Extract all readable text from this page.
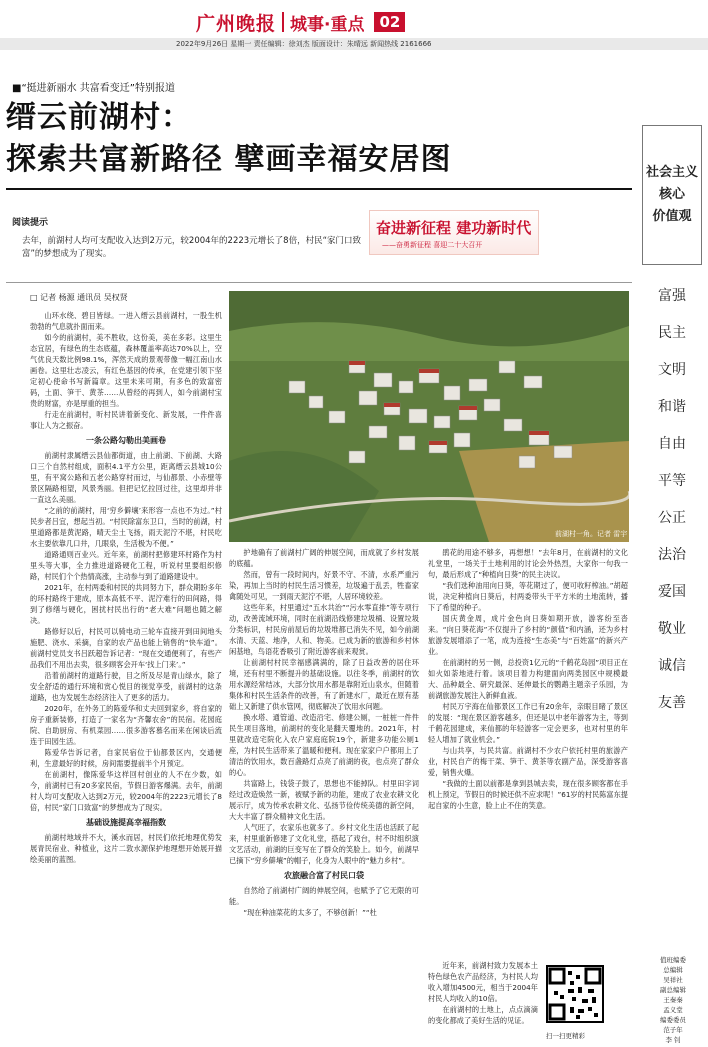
广州晚报 城事·重点	02
2022年9月26日 星期一 责任编辑：徐刘杰 版面设计：朱晴远 新闻热线 2161666
■“挺进新丽水 共富看变迁”特别报道
缙云前湖村：
探索共富新路径 擘画幸福安居图
阅读提示
去年，前湖村人均可支配收入达到2万元，较2004年的2223元增长了8倍，村民“家门口致富”的梦想成为了现实。
奋进新征程 建功新时代
——奋勇新征程 喜迎二十大召开
□ 记者 杨源 通讯员 吴权贤

山环水绕、碧目皆绿。一进入缙云县前湖村，一股生机勃勃的气息就扑面而来。

如今的前湖村，美不胜收，这份美，美在多彩。这里生态宜居，有绿色的生态底蕴，森林覆盖率高达70%以上，空气优良天数比例98.1%，浑然天成的景观带像一幅江南山水画卷。这里壮志凌云，有红色基因的传承，在党建引领下坚定初心使命书写新篇章。这里未来可期，有多色的致富密码，土面、笋干、黄茶……从曾经的再到人，如今前湖村宝贵的财富，亦是厚重的担当。

行走在前湖村，听村民讲着新变化、新发展，一件件喜事让人为之振奋。

一条公路勾勒出美画卷

前湖村隶属缙云县仙都街道，由上前湖、下前湖、大路口三个自然村组成，面积4.1平方公里，距离缙云县城10公里，有平窝公路和五老公路穿村而过，与仙都景、小赤壁等景区隔路相望，风景秀丽。但把记忆拉回过往，这里却并非一直这么美丽。

“之前的前湖村，用‘穷乡僻壤’来形容一点也不为过。”村民步者吕宜，想起当初。“村民除富东卫口，当时的前湖，村里道路都是黄泥路，晴天尘土飞扬，雨天泥泞不堪，村民吃水主要依靠几口井，几眼泉，生活极为不便。”

道路通则百业兴。近年来，前湖村把修建环村路作为村里头等大事，全力推进道路硬化工程，听说村里要组织修路，村民们个个热情高涨，主动参与到了道路建设中。

2021年，在村两委和村民的共同努力下，群众期盼多年的环村路终于建成，原本高低不平、泥泞难行的田间路，得到了修缮与硬化，困扰村民出行的“老大难”问题也随之解决。

路修好以后，村民可以骑电动三轮车直接开到田间地头施肥、浇水、采摘，自家的农产品也能上销售的“快车道”。前湖村党员支书吕跃超告诉记者：“现在交通便利了，有些产品我们不用出去卖，很多顾客会开车‘找上门来’。”

沿着前湖村的道路行驶，目之所及尽是青山绿水，除了安全舒适的通行环境和赏心悦目的视觉享受，前湖村的这条道路，也为发展生态经济注入了更多的活力。

2020年，在外务工的陈爱华和丈夫回到家乡，将自家的房子重新装修，打造了一家名为“齐馨农舍”的民宿。花园庭院、自助厨房、有机菜园……很多游客慕名而来在闲谈后流连于田园生活。

陈爱华告诉记者，自家民宿位于仙都景区内，交通便利，生意最好的时候，房间需要提前半个月预定。

在前湖村，像陈爱华这样回村创业的人不在少数，如今，前湖村已有20多家民宿，节假日游客爆满。去年，前湖村人均可支配收入达到2万元，较2004年的2223元增长了8倍，村民“家门口致富”的梦想成为了现实。

基础设施提高幸福指数

前湖村地域并不大，溪水而居，村民们依托地理优势发展青民宿业、种植业，这片二敦水源保护地理想开始展开描绘美丽的蓝图。

前湖村一角。记者 雷宇 摄

护地确有了前湖村广阔的伸展空间，而成就了乡村发展的底蕴。

然而，曾有一段时间内，好景不守、不清，水系严重污染，再加上当时的村民生活习惯差，垃圾遍于乱丢，牲畜家禽随处可见，一到雨天泥泞不堪，人居环境较差。

这些年来，村里通过“五水共治”“污水零直排”等专项行动，改善流域环境，同时在前湖沿线修建垃圾桶、设置垃圾分类标识，村民房前屋后的垃圾堆都已消失不见，如今前湖水清、天蓝、地净，人和、物美。已成为新的旅游和乡村休闲基地，鸟语花香吸引了附近游客前来观赏。

让前湖村村民幸福感满满的，除了日益改善的居住环境，还有村里不断提升的基础设施。以往冬季，前湖村的饮用水源经常结冰，大部分饮用水都是靠附近山泉水，但随着集体和村民生活条件的改善，有了新建水厂，最近在原有基础上又新建了供水管网，彻底解决了饮用水问题。

换水塔、通管道、改造沿宅、修建公厕，一桩桩一件件民生项目落地，前湖村的变化是翻天覆地的。2021年，村里就改造宅院化入农户家庭庭院19个，新建多功能公厕1座，为村民生活带来了温暖和便利。现在家家户户都用上了清洁的饮用水，数百盏路灯点亮了前湖的夜，也点亮了群众的心。

共富路上，钱袋子鼓了，思想也不能掉队。村里田字词经过改造焕然一新，被赋予新的功能，建成了农业农耕文化展示厅，成为传承农耕文化、弘扬节俭传统美德的新空间，大大丰富了群众精神文化生活。

人气旺了，农家乐也就多了。乡村文化生活也活跃了起来，村里重新修建了文化礼堂，搭起了戏台，村不时组织演文艺活动，前湖的巨变写在了群众的笑脸上。如今，前湖早已摘下“穷乡僻壤”的帽子，化身为人眼中的“魅力乡村”。

农旅融合富了村民口袋

自然给了前湖村广阔的伸展空间，也赋予了它无限的可能。

“现在种油菜花的太多了，不够创新！”“杜

鹃花的用途不够多，再想想！”去年8月，在前湖村的文化礼堂里，一场关于土地利用的讨论会外热烈，大家你一句我一句，最后形成了“种植向日葵”的民主决议。

“我们选种油用向日葵，等花期过了，便可收籽榨油。”胡超说，决定种植向日葵后，村两委带头干平方米的土地流转，播下了希望的种子。

国庆黄金周，成片金色向日葵如期开放，游客纷至沓来。“向日葵花海”不仅提升了乡村的“颜值”和内涵，还为乡村旅游发展增添了一笔，成为连接“生态美”与“百姓富”的新兴产业。

在前湖村的另一侧，总投资1亿元的“千鹤花岛园”项目正在如火如荼地进行着。该项目着力构建面向两类园区中规模最大、品种最全、研究最深、延伸最长的鹦鹉主题亲子乐园，为前湖旅游发展注入新鲜血液。

村民万宇海在仙都景区工作已有20余年，亲眼目睹了景区的发展：“现在景区游客越多，但还是以中老年游客为主，等到千鹤花园建成，来仙都的年轻游客一定会更多，也对村里的年轻人增加了就业机会。”

与山共享，与民共富。前湖村不少农户依托村里的旅游产业，村民自产的梅干菜、笋干、黄茶等农副产品，深受游客喜爱，销售火爆。

“我做的土面以前都是拿到县城去卖，现在很多顾客都在手机上预定，节假日的时候还供不应求呢！”61岁的村民陈富东提起自家的小生意，脸上止不住的笑意。

近年来，前湖村致力发展本土特色绿色农产品经济，为村民人均收入增加4500元，相当于2004年村民人均收入的10倍。

在前湖村的土地上，点点滴滴的变化都成了美好生活的见证。

扫一扫更精彩
社会主义
核心
价值观
富强
民主
文明
和谐
自由
平等
公正
法治
爱国
敬业
诚信
友善
值班编委
总编辑
吴祥社
副总编辑
王秦秦
孟义堂
编委委员
范子年
李 钊
